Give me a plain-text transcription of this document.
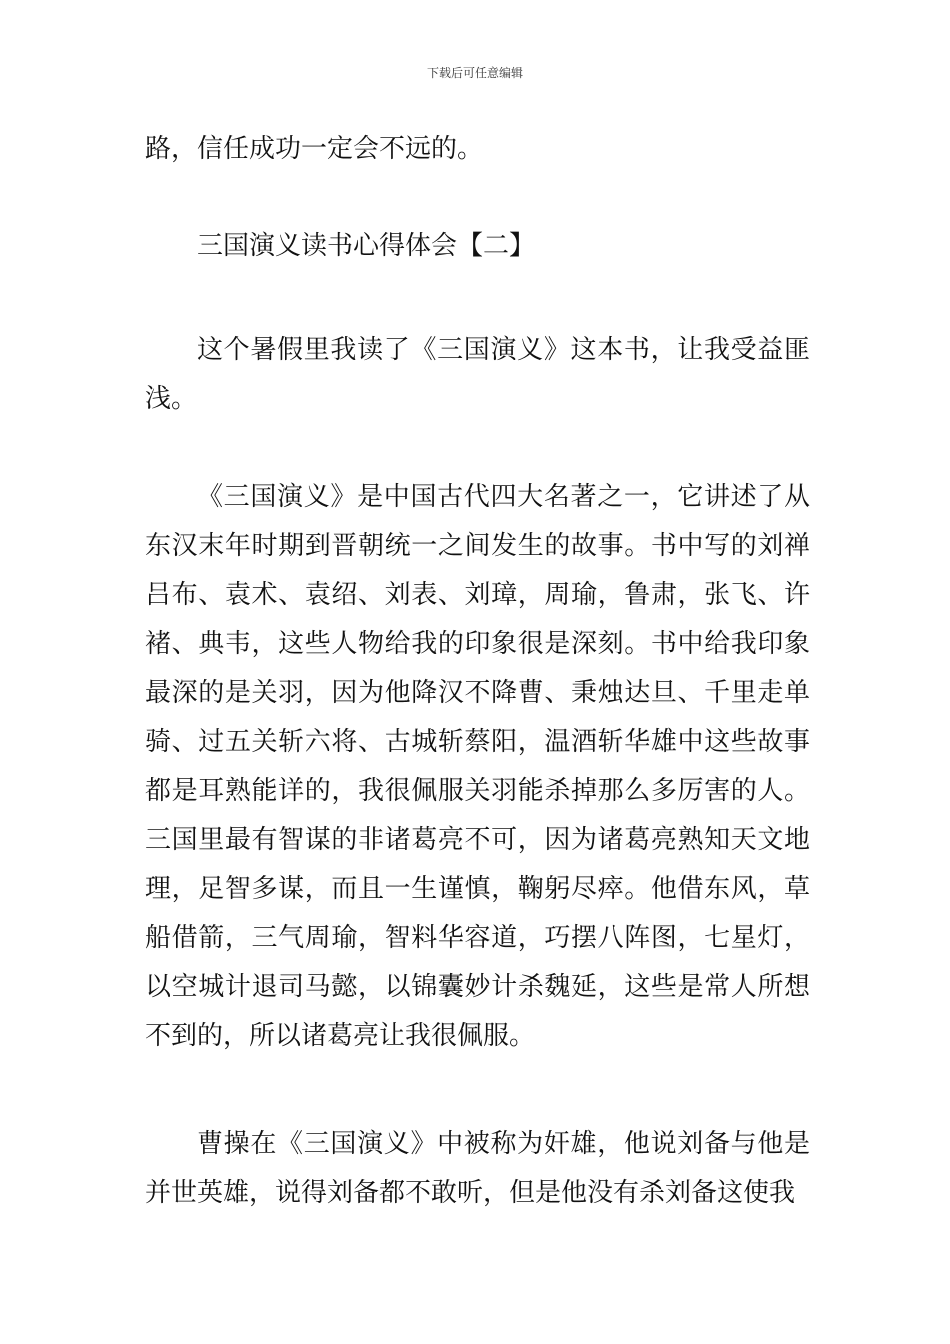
下载后可任意编辑

路，信任成功一定会不远的。

三国演义读书心得体会【二】

这个暑假里我读了《三国演义》这本书，让我受益匪浅。

《三国演义》是中国古代四大名著之一，它讲述了从东汉末年时期到晋朝统一之间发生的故事。书中写的刘禅吕布、袁术、袁绍、刘表、刘璋，周瑜，鲁肃，张飞、许褚、典韦，这些人物给我的印象很是深刻。书中给我印象最深的是关羽，因为他降汉不降曹、秉烛达旦、千里走单骑、过五关斩六将、古城斩蔡阳，温酒斩华雄中这些故事都是耳熟能详的，我很佩服关羽能杀掉那么多厉害的人。三国里最有智谋的非诸葛亮不可，因为诸葛亮熟知天文地理，足智多谋，而且一生谨慎，鞠躬尽瘁。他借东风，草船借箭，三气周瑜，智料华容道，巧摆八阵图，七星灯，以空城计退司马懿，以锦囊妙计杀魏延，这些是常人所想不到的，所以诸葛亮让我很佩服。

曹操在《三国演义》中被称为奸雄，他说刘备与他是并世英雄，说得刘备都不敢听，但是他没有杀刘备这使我
